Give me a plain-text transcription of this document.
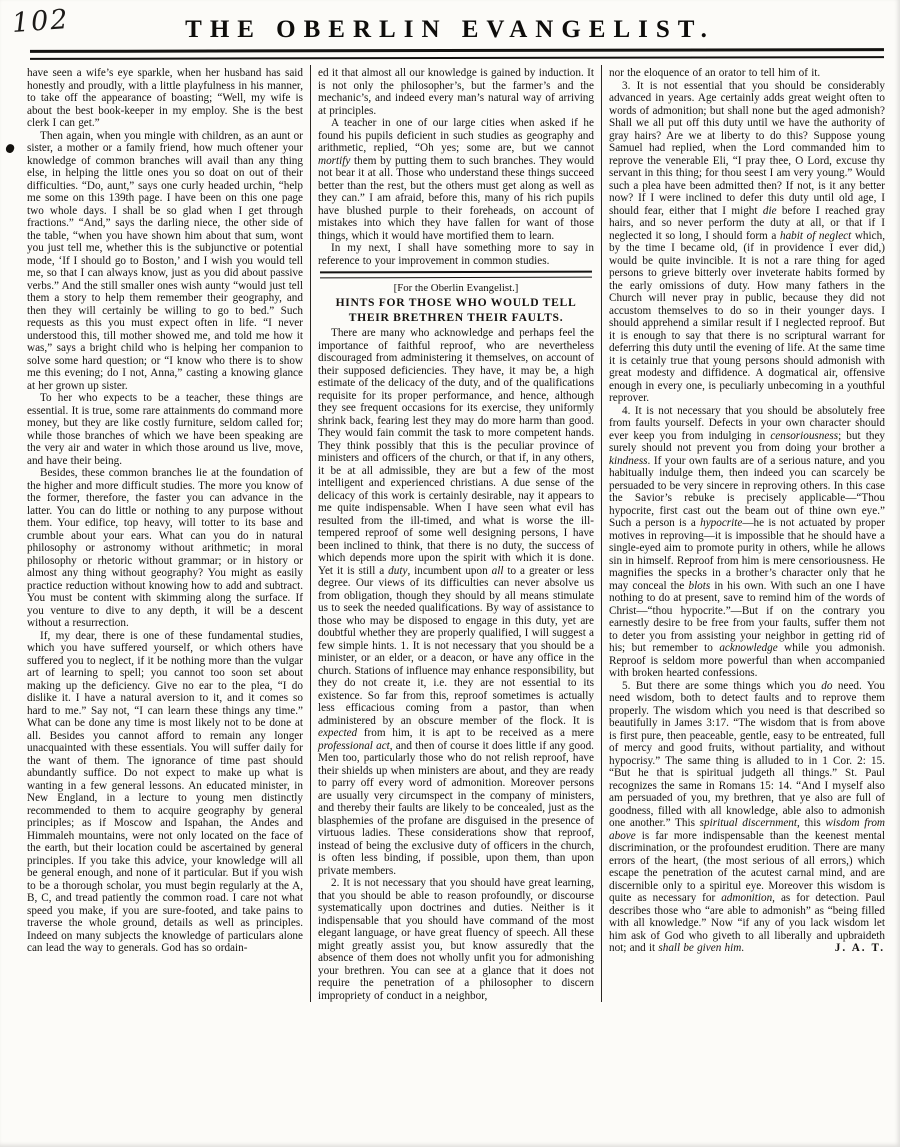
102	THE OBERLIN EVANGELIST.

have seen a wife’s eye sparkle, when her husband has said honestly and proudly, with a little playfulness in his manner, to take off the appearance of boasting; “Well, my wife is about the best book-keeper in my employ. She is the best clerk I can get.”

Then again, when you mingle with children, as an aunt or sister, a mother or a family friend, how much oftener your knowledge of common branches will avail than any thing else, in helping the little ones you so doat on out of their difficulties. “Do, aunt,” says one curly headed urchin, “help me some on this 139th page. I have been on this one page two whole days. I shall be so glad when I get through fractions.” “And,” says the darling niece, the other side of the table, “when you have shown him about that sum, wont you just tell me, whether this is the subjunctive or potential mode, ‘If I should go to Boston,’ and I wish you would tell me, so that I can always know, just as you did about passive verbs.” And the still smaller ones wish aunty “would just tell them a story to help them remember their geography, and then they will certainly be willing to go to bed.” Such requests as this you must expect often in life. “I never understood this, till mother showed me, and told me how it was,” says a bright child who is helping her companion to solve some hard question; or “I know who there is to show me this evening; do I not, Anna,” casting a knowing glance at her grown up sister.

To her who expects to be a teacher, these things are essential. It is true, some rare attainments do command more money, but they are like costly furniture, seldom called for; while those branches of which we have been speaking are the very air and water in which those around us live, move, and have their being.

Besides, these common branches lie at the foundation of the higher and more difficult studies. The more you know of the former, therefore, the faster you can advance in the latter. You can do little or nothing to any purpose without them. Your edifice, top heavy, will totter to its base and crumble about your ears. What can you do in natural philosophy or astronomy without arithmetic; in moral philosophy or rhetoric without grammar; or in history or almost any thing without geography? You might as easily practice reduction without knowing how to add and subtract. You must be content with skimming along the surface. If you venture to dive to any depth, it will be a descent without a resurrection.

If, my dear, there is one of these fundamental studies, which you have suffered yourself, or which others have suffered you to neglect, if it be nothing more than the vulgar art of learning to spell; you cannot too soon set about making up the deficiency. Give no ear to the plea, “I do dislike it. I have a natural aversion to it, and it comes so hard to me.” Say not, “I can learn these things any time.” What can be done any time is most likely not to be done at all. Besides you cannot afford to remain any longer unacquainted with these essentials. You will suffer daily for the want of them. The ignorance of time past should abundantly suffice. Do not expect to make up what is wanting in a few general lessons. An educated minister, in New England, in a lecture to young men distinctly recommended to them to acquire geography by general principles; as if Moscow and Ispahan, the Andes and Himmaleh mountains, were not only located on the face of the earth, but their location could be ascertained by general principles. If you take this advice, your knowledge will all be general enough, and none of it particular. But if you wish to be a thorough scholar, you must begin regularly at the A, B, C, and tread patiently the common road. I care not what speed you make, if you are sure-footed, and take pains to traverse the whole ground, details as well as principles. Indeed on many subjects the knowledge of particulars alone can lead the way to generals. God has so ordain-

ed it that almost all our knowledge is gained by induction. It is not only the philosopher’s, but the farmer’s and the mechanic’s, and indeed every man’s natural way of arriving at principles.

A teacher in one of our large cities when asked if he found his pupils deficient in such studies as geography and arithmetic, replied, “Oh yes; some are, but we cannot mortify them by putting them to such branches. They would not bear it at all. Those who understand these things succeed better than the rest, but the others must get along as well as they can.” I am afraid, before this, many of his rich pupils have blushed purple to their foreheads, on account of mistakes into which they have fallen for want of those things, which it would have mortified them to learn.

In my next, I shall have something more to say in reference to your improvement in common studies.

[For the Oberlin Evangelist.]
HINTS FOR THOSE WHO WOULD TELL THEIR BRETHREN THEIR FAULTS.

There are many who acknowledge and perhaps feel the importance of faithful reproof, who are nevertheless discouraged from administering it themselves, on account of their supposed deficiencies. They have, it may be, a high estimate of the delicacy of the duty, and of the qualifications requisite for its proper performance, and hence, although they see frequent occasions for its exercise, they uniformly shrink back, fearing lest they may do more harm than good. They would fain commit the task to more competent hands. They think possibly that this is the peculiar province of ministers and officers of the church, or that if, in any others, it be at all admissible, they are but a few of the most intelligent and experienced christians. A due sense of the delicacy of this work is certainly desirable, nay it appears to me quite indispensable. When I have seen what evil has resulted from the ill-timed, and what is worse the ill-tempered reproof of some well designing persons, I have been inclined to think, that there is no duty, the success of which depends more upon the spirit with which it is done. Yet it is still a duty, incumbent upon all to a greater or less degree. Our views of its difficulties can never absolve us from obligation, though they should by all means stimulate us to seek the needed qualifications. By way of assistance to those who may be disposed to engage in this duty, yet are doubtful whether they are properly qualified, I will suggest a few simple hints. 1. It is not necessary that you should be a minister, or an elder, or a deacon, or have any office in the church. Stations of influence may enhance responsibility, but they do not create it, i.e. they are not essential to its existence. So far from this, reproof sometimes is actually less efficacious coming from a pastor, than when administered by an obscure member of the flock. It is expected from him, it is apt to be received as a mere professional act, and then of course it does little if any good. Men too, particularly those who do not relish reproof, have their shields up when ministers are about, and they are ready to parry off every word of admonition. Moreover persons are usually very circumspect in the company of ministers, and thereby their faults are likely to be concealed, just as the blasphemies of the profane are disguised in the presence of virtuous ladies. These considerations show that reproof, instead of being the exclusive duty of officers in the church, is often less binding, if possible, upon them, than upon private members.

2. It is not necessary that you should have great learning, that you should be able to reason profoundly, or discourse systematically upon doctrines and duties. Neither is it indispensable that you should have command of the most elegant language, or have great fluency of speech. All these might greatly assist you, but know assuredly that the absence of them does not wholly unfit you for admonishing your brethren. You can see at a glance that it does not require the penetration of a philosopher to discern impropriety of conduct in a neighbor,

nor the eloquence of an orator to tell him of it.

3. It is not essential that you should be considerably advanced in years. Age certainly adds great weight often to words of admonition; but shall none but the aged admonish? Shall we all put off this duty until we have the authority of gray hairs? Are we at liberty to do this? Suppose young Samuel had replied, when the Lord commanded him to reprove the venerable Eli, “I pray thee, O Lord, excuse thy servant in this thing; for thou seest I am very young.” Would such a plea have been admitted then? If not, is it any better now? If I were inclined to defer this duty until old age, I should fear, either that I might die before I reached gray hairs, and so never perform the duty at all, or that if I neglected it so long, I should form a habit of neglect which, by the time I became old, (if in providence I ever did,) would be quite invincible. It is not a rare thing for aged persons to grieve bitterly over inveterate habits formed by the early omissions of duty. How many fathers in the Church will never pray in public, because they did not accustom themselves to do so in their younger days. I should apprehend a similar result if I neglected reproof. But it is enough to say that there is no scriptural warrant for deferring this duty until the evening of life. At the same time it is cetainly true that young persons should admonish with great modesty and diffidence. A dogmatical air, offensive enough in every one, is peculiarly unbecoming in a youthful reprover.

4. It is not necessary that you should be absolutely free from faults yourself. Defects in your own character should ever keep you from indulging in censoriousness; but they surely should not prevent you from doing your brother a kindness. If your own faults are of a serious nature, and you habitually indulge them, then indeed you can scarcely be persuaded to be very sincere in reproving others. In this case the Savior’s rebuke is precisely applicable—“Thou hypocrite, first cast out the beam out of thine own eye.” Such a person is a hypocrite—he is not actuated by proper motives in reproving—it is impossible that he should have a single-eyed aim to promote purity in others, while he allows sin in himself. Reproof from him is mere censoriousness. He magnifies the specks in a brother’s character only that he may conceal the blots in his own. With such an one I have nothing to do at present, save to remind him of the words of Christ—“thou hypocrite.”—But if on the contrary you earnestly desire to be free from your faults, suffer them not to deter you from assisting your neighbor in getting rid of his; but remember to acknowledge while you admonish. Reproof is seldom more powerful than when accompanied with broken hearted confessions.

5. But there are some things which you do need. You need wisdom, both to detect faults and to reprove them properly. The wisdom which you need is that described so beautifully in James 3:17. “The wisdom that is from above is first pure, then peaceable, gentle, easy to be entreated, full of mercy and good fruits, without partiality, and without hypocrisy.” The same thing is alluded to in 1 Cor. 2: 15. “But he that is spiritual judgeth all things.” St. Paul recognizes the same in Romans 15: 14. “And I myself also am persuaded of you, my brethren, that ye also are full of goodness, filled with all knowledge, able also to admonish one another.” This spiritual discernment, this wisdom from above is far more indispensable than the keenest mental discrimination, or the profoundest erudition. There are many errors of the heart, (the most serious of all errors,) which escape the penetration of the acutest carnal mind, and are discernible only to a spiritul eye. Moreover this wisdom is quite as necessary for admonition, as for detection. Paul describes those who “are able to admonish” as “being filled with all knowledge.” Now “if any of you lack wisdom let him ask of God who giveth to all liberally and upbraideth not; and it shall be given him.	J. A. T.
